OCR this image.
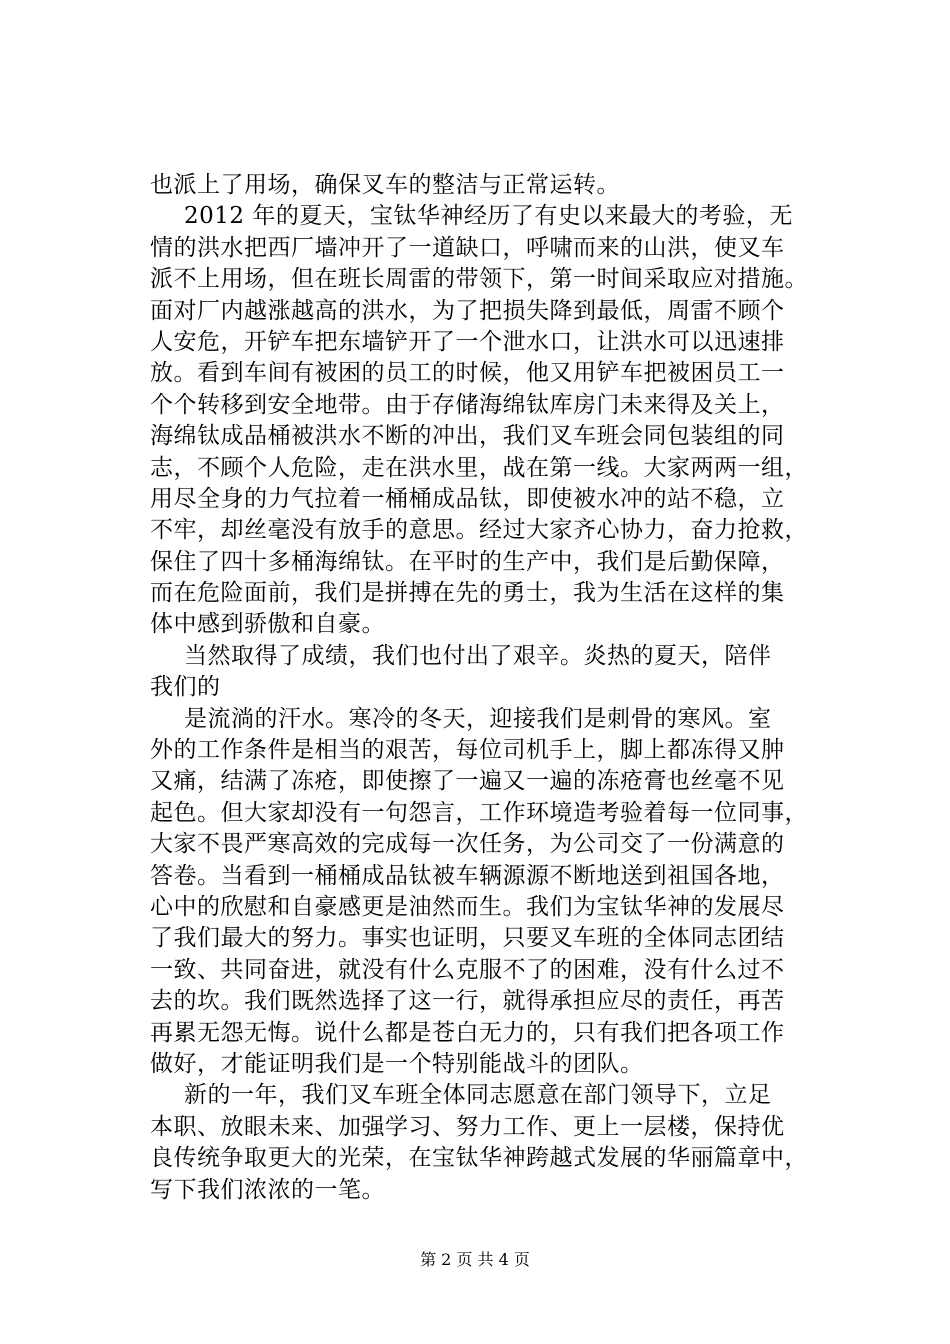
也派上了用场，确保叉车的整洁与正常运转。
2012 年的夏天，宝钛华神经历了有史以来最大的考验，无
情的洪水把西厂墙冲开了一道缺口，呼啸而来的山洪，使叉车
派不上用场，但在班长周雷的带领下，第一时间采取应对措施。
面对厂内越涨越高的洪水，为了把损失降到最低，周雷不顾个
人安危，开铲车把东墙铲开了一个泄水口，让洪水可以迅速排
放。看到车间有被困的员工的时候，他又用铲车把被困员工一
个个转移到安全地带。由于存储海绵钛库房门未来得及关上，
海绵钛成品桶被洪水不断的冲出，我们叉车班会同包装组的同
志，不顾个人危险，走在洪水里，战在第一线。大家两两一组，
用尽全身的力气拉着一桶桶成品钛，即使被水冲的站不稳，立
不牢，却丝毫没有放手的意思。经过大家齐心协力，奋力抢救，
保住了四十多桶海绵钛。在平时的生产中，我们是后勤保障，
而在危险面前，我们是拼搏在先的勇士，我为生活在这样的集
体中感到骄傲和自豪。
当然取得了成绩，我们也付出了艰辛。炎热的夏天，陪伴
我们的
是流淌的汗水。寒冷的冬天，迎接我们是刺骨的寒风。室
外的工作条件是相当的艰苦，每位司机手上，脚上都冻得又肿
又痛，结满了冻疮，即使擦了一遍又一遍的冻疮膏也丝毫不见
起色。但大家却没有一句怨言，工作环境造考验着每一位同事，
大家不畏严寒高效的完成每一次任务，为公司交了一份满意的
答卷。当看到一桶桶成品钛被车辆源源不断地送到祖国各地，
心中的欣慰和自豪感更是油然而生。我们为宝钛华神的发展尽
了我们最大的努力。事实也证明，只要叉车班的全体同志团结
一致、共同奋进，就没有什么克服不了的困难，没有什么过不
去的坎。我们既然选择了这一行，就得承担应尽的责任，再苦
再累无怨无悔。说什么都是苍白无力的，只有我们把各项工作
做好，才能证明我们是一个特别能战斗的团队。
新的一年，我们叉车班全体同志愿意在部门领导下，立足
本职、放眼未来、加强学习、努力工作、更上一层楼，保持优
良传统争取更大的光荣，在宝钛华神跨越式发展的华丽篇章中，
写下我们浓浓的一笔。
第 2 页 共 4 页
